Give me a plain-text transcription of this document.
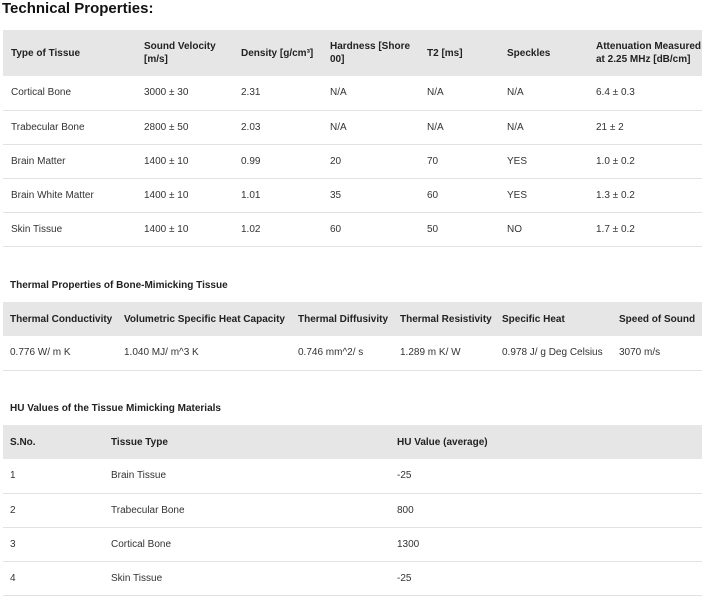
Technical Properties:
Type of Tissue	Sound Velocity [m/s]	Density [g/cm³]	Hardness [Shore 00]	T2 [ms]	Speckles	Attenuation Measured at 2.25 MHz [dB/cm]
Cortical Bone	3000 ± 30	2.31	N/A	N/A	N/A	6.4 ± 0.3
Trabecular Bone	2800 ± 50	2.03	N/A	N/A	N/A	21 ± 2
Brain Matter	1400 ± 10	0.99	20	70	YES	1.0 ± 0.2
Brain White Matter	1400 ± 10	1.01	35	60	YES	1.3 ± 0.2
Skin Tissue	1400 ± 10	1.02	60	50	NO	1.7 ± 0.2
Thermal Properties of Bone-Mimicking Tissue
Thermal Conductivity	Volumetric Specific Heat Capacity	Thermal Diffusivity	Thermal Resistivity	Specific Heat	Speed of Sound
0.776 W/ m K	1.040 MJ/ m^3 K	0.746 mm^2/ s	1.289 m K/ W	0.978 J/ g Deg Celsius	3070 m/s
HU Values of the Tissue Mimicking Materials
S.No.	Tissue Type	HU Value (average)
1	Brain Tissue	-25
2	Trabecular Bone	800
3	Cortical Bone	1300
4	Skin Tissue	-25
